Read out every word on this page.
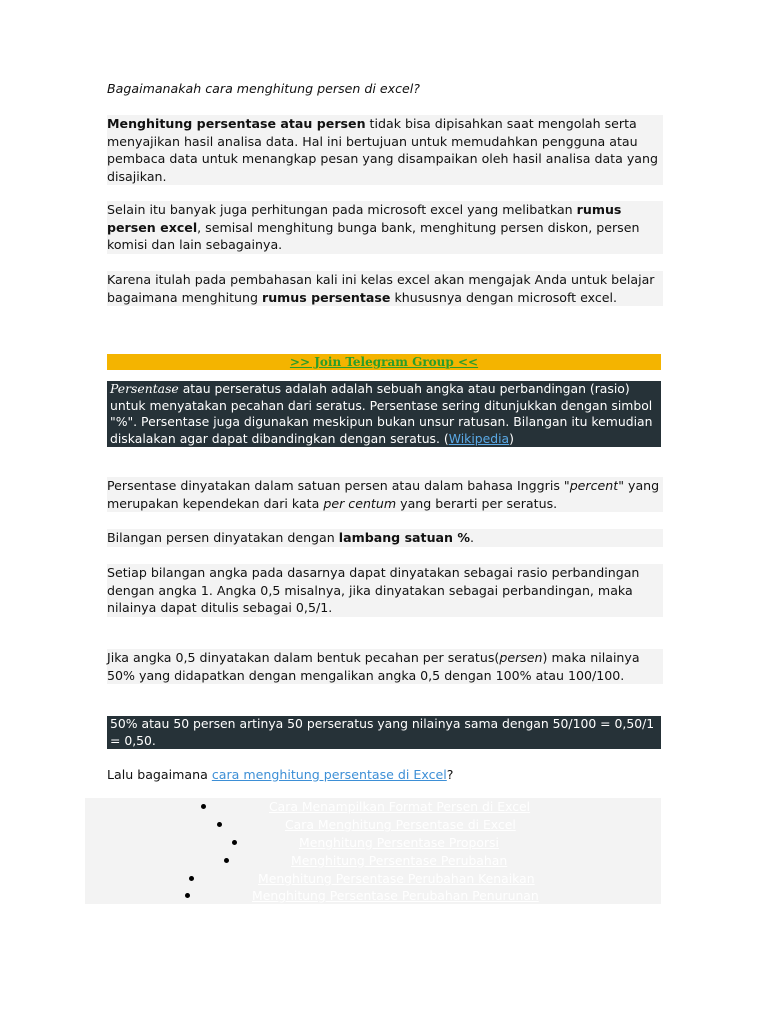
Bagaimanakah cara menghitung persen di excel?
Menghitung persentase atau persen tidak bisa dipisahkan saat mengolah serta menyajikan hasil analisa data. Hal ini bertujuan untuk memudahkan pengguna atau pembaca data untuk menangkap pesan yang disampaikan oleh hasil analisa data yang disajikan.
Selain itu banyak juga perhitungan pada microsoft excel yang melibatkan rumus persen excel, semisal menghitung bunga bank, menghitung persen diskon, persen komisi dan lain sebagainya.
Karena itulah pada pembahasan kali ini kelas excel akan mengajak Anda untuk belajar bagaimana menghitung rumus persentase khususnya dengan microsoft excel.
>> Join Telegram Group <<
Persentase atau perseratus adalah adalah sebuah angka atau perbandingan (rasio) untuk menyatakan pecahan dari seratus. Persentase sering ditunjukkan dengan simbol "%". Persentase juga digunakan meskipun bukan unsur ratusan. Bilangan itu kemudian diskalakan agar dapat dibandingkan dengan seratus. (Wikipedia)
Persentase dinyatakan dalam satuan persen atau dalam bahasa Inggris "percent" yang merupakan kependekan dari kata per centum yang berarti per seratus.
Bilangan persen dinyatakan dengan lambang satuan %.
Setiap bilangan angka pada dasarnya dapat dinyatakan sebagai rasio perbandingan dengan angka 1. Angka 0,5 misalnya, jika dinyatakan sebagai perbandingan, maka nilainya dapat ditulis sebagai 0,5/1.
Jika angka 0,5 dinyatakan dalam bentuk pecahan per seratus(persen) maka nilainya 50% yang didapatkan dengan mengalikan angka 0,5 dengan 100% atau 100/100.
50% atau 50 persen artinya 50 perseratus yang nilainya sama dengan 50/100 = 0,50/1 = 0,50.
Lalu bagaimana cara menghitung persentase di Excel?
Cara Menampilkan Format Persen di Excel
Cara Menghitung Persentase di Excel
Menghitung Persentase Proporsi
Menghitung Persentase Perubahan
Menghitung Persentase Perubahan Kenaikan
Menghitung Persentase Perubahan Penurunan
